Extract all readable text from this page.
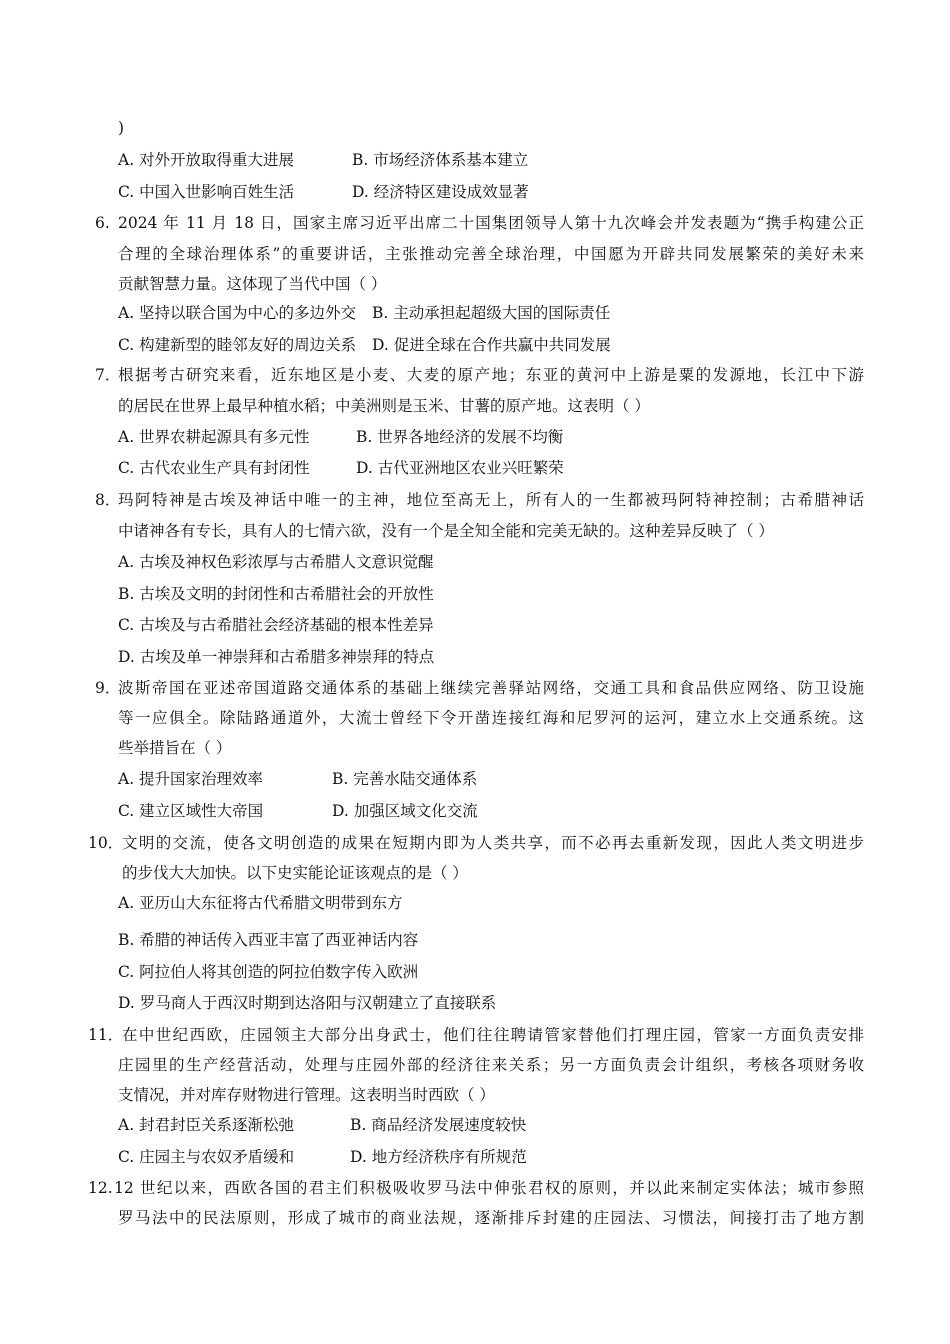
)
A. 对外开放取得重大进展	B. 市场经济体系基本建立
C. 中国入世影响百姓生活	D. 经济特区建设成效显著
6. 2024 年 11 月 18 日，国家主席习近平出席二十国集团领导人第十九次峰会并发表题为“携手构建公正
合理的全球治理体系”的重要讲话，主张推动完善全球治理，中国愿为开辟共同发展繁荣的美好未来
贡献智慧力量。这体现了当代中国（ ）
A. 坚持以联合国为中心的多边外交 B. 主动承担起超级大国的国际责任
C. 构建新型的睦邻友好的周边关系 D. 促进全球在合作共赢中共同发展
7．
根据考古研究来看，近东地区是小麦、大麦的原产地；东亚的黄河中上游是粟的发源地，长江中下游
的居民在世界上最早种植水稻；中美洲则是玉米、甘薯的原产地。这表明（ ）
A. 世界农耕起源具有多元性	B. 世界各地经济的发展不均衡
C. 古代农业生产具有封闭性	D. 古代亚洲地区农业兴旺繁荣
8．
玛阿特神是古埃及神话中唯一的主神，地位至高无上，所有人的一生都被玛阿特神控制；古希腊神话
中诸神各有专长，具有人的七情六欲，没有一个是全知全能和完美无缺的。这种差异反映了（ ）
A. 古埃及神权色彩浓厚与古希腊人文意识觉醒
B. 古埃及文明的封闭性和古希腊社会的开放性
C. 古埃及与古希腊社会经济基础的根本性差异
D. 古埃及单一神崇拜和古希腊多神崇拜的特点
9．
波斯帝国在亚述帝国道路交通体系的基础上继续完善驿站网络，交通工具和食品供应网络、防卫设施
等一应俱全。除陆路通道外，大流士曾经下令开凿连接红海和尼罗河的运河，建立水上交通系统。这
些举措旨在（ ）
A. 提升国家治理效率	B. 完善水陆交通体系
C. 建立区域性大帝国	D. 加强区域文化交流
10．
文明的交流，使各文明创造的成果在短期内即为人类共享，而不必再去重新发现，因此人类文明进步
的步伐大大加快。以下史实能论证该观点的是（ ）
A. 亚历山大东征将古代希腊文明带到东方
B. 希腊的神话传入西亚丰富了西亚神话内容
C. 阿拉伯人将其创造的阿拉伯数字传入欧洲
D. 罗马商人于西汉时期到达洛阳与汉朝建立了直接联系
11．
在中世纪西欧，庄园领主大部分出身武士，他们往往聘请管家替他们打理庄园，管家一方面负责安排
庄园里的生产经营活动，处理与庄园外部的经济往来关系；另一方面负责会计组织，考核各项财务收
支情况，并对库存财物进行管理。这表明当时西欧（ ）
A. 封君封臣关系逐渐松弛	B. 商品经济发展速度较快
C. 庄园主与农奴矛盾缓和	D. 地方经济秩序有所规范
12. 12 世纪以来，西欧各国的君主们积极吸收罗马法中伸张君权的原则，并以此来制定实体法；城市参照
罗马法中的民法原则，形成了城市的商业法规，逐渐排斥封建的庄园法、习惯法，间接打击了地方割
